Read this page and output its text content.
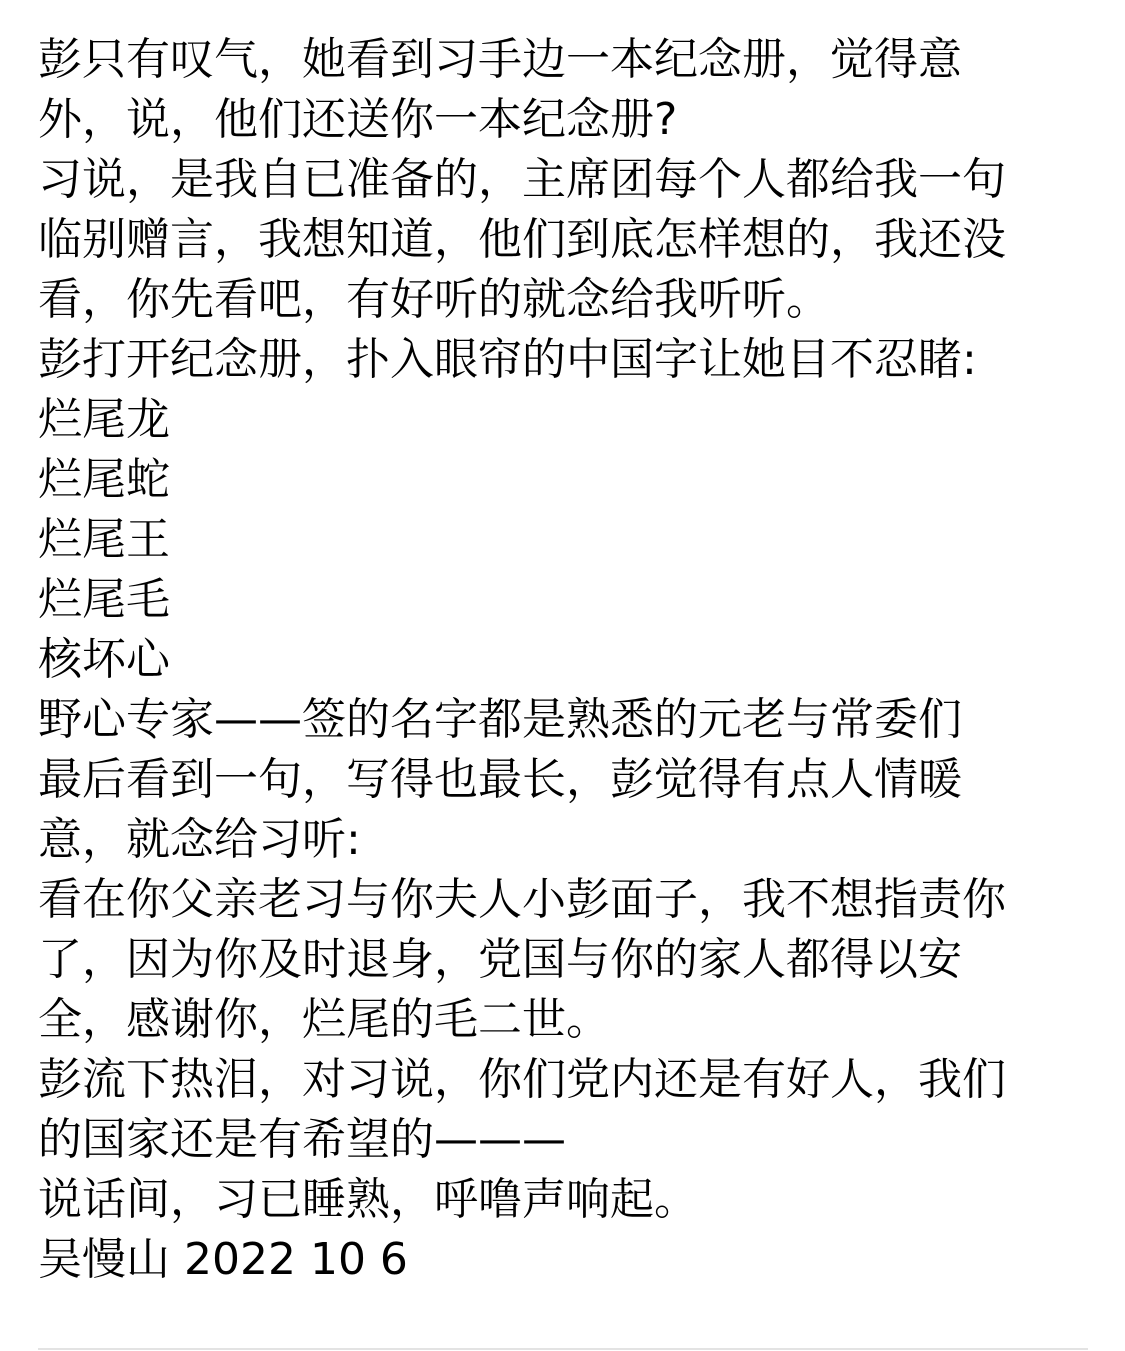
彭只有叹气，她看到习手边一本纪念册，觉得意
外，说，他们还送你一本纪念册?
习说，是我自已准备的，主席团每个人都给我一句
临别赠言，我想知道，他们到底怎样想的，我还没
看，你先看吧，有好听的就念给我听听。
彭打开纪念册，扑入眼帘的中国字让她目不忍睹:
烂尾龙
烂尾蛇
烂尾王
烂尾毛
核坏心
野心专家——签的名字都是熟悉的元老与常委们
最后看到一句，写得也最长，彭觉得有点人情暖
意，就念给习听:
看在你父亲老习与你夫人小彭面子，我不想指责你
了，因为你及时退身，党国与你的家人都得以安
全，感谢你，烂尾的毛二世。
彭流下热泪，对习说，你们党内还是有好人，我们
的国家还是有希望的———
说话间，习已睡熟，呼噜声响起。
吴慢山 2022 10 6
